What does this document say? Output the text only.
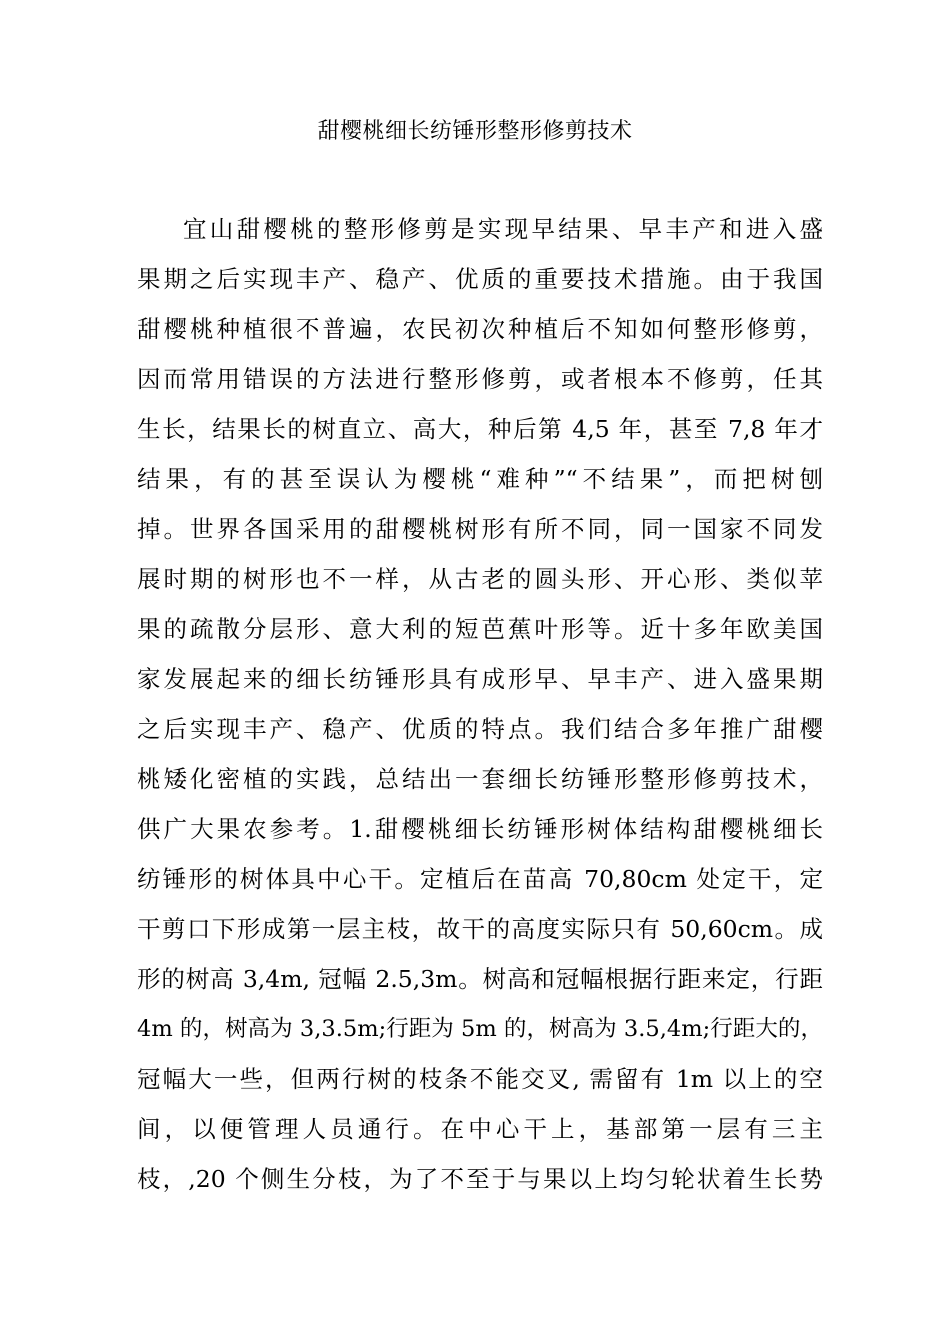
甜樱桃细长纺锤形整形修剪技术
宜山甜樱桃的整形修剪是实现早结果、早丰产和进入盛
果期之后实现丰产、稳产、优质的重要技术措施。由于我国
甜樱桃种植很不普遍，农民初次种植后不知如何整形修剪，
因而常用错误的方法进行整形修剪，或者根本不修剪，任其
生长，结果长的树直立、高大，种后第 4,5 年，甚至 7,8 年才
结果，有的甚至误认为樱桃“难种”“不结果”，而把树刨
掉。世界各国采用的甜樱桃树形有所不同，同一国家不同发
展时期的树形也不一样，从古老的圆头形、开心形、类似苹
果的疏散分层形、意大利的短芭蕉叶形等。近十多年欧美国
家发展起来的细长纺锤形具有成形早、早丰产、进入盛果期
之后实现丰产、稳产、优质的特点。我们结合多年推广甜樱
桃矮化密植的实践，总结出一套细长纺锤形整形修剪技术，
供广大果农参考。1.甜樱桃细长纺锤形树体结构甜樱桃细长
纺锤形的树体具中心干。定植后在苗高 70,80cm 处定干，定
干剪口下形成第一层主枝，故干的高度实际只有 50,60cm。成
形的树高 3,4m, 冠幅 2.5,3m。树高和冠幅根据行距来定，行距
4m 的，树高为 3,3.5m;行距为 5m 的，树高为 3.5,4m;行距大的，
冠幅大一些，但两行树的枝条不能交叉, 需留有 1m 以上的空
间，以便管理人员通行。在中心干上，基部第一层有三主
枝，,20 个侧生分枝，为了不至于与果以上均匀轮状着生长势
